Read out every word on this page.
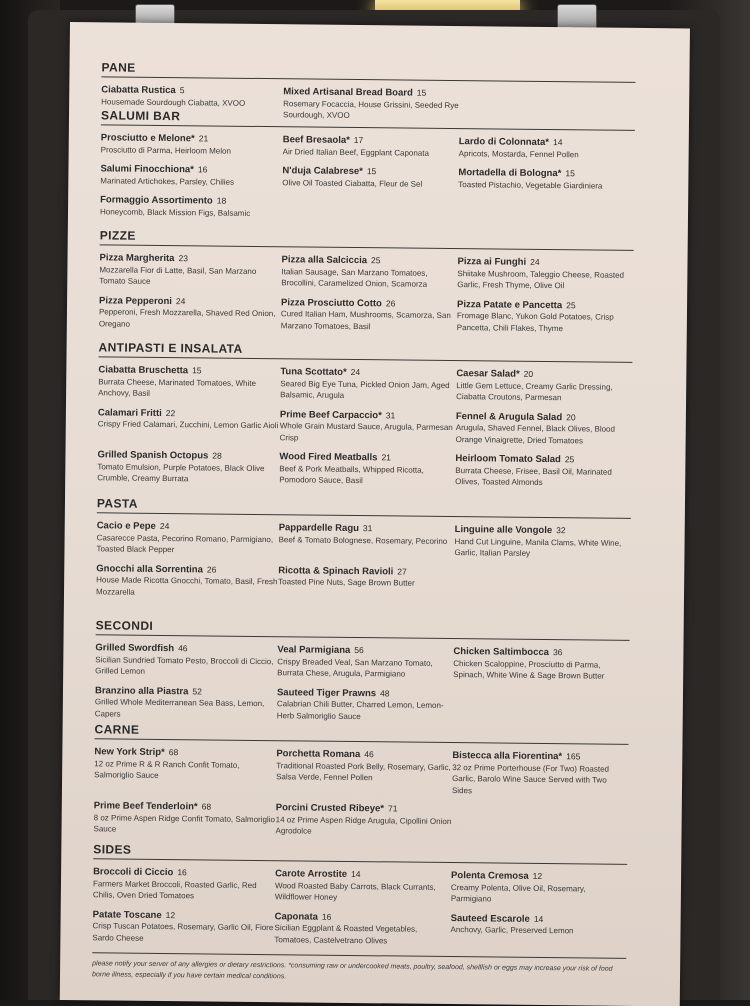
PANE
Ciabatta Rustica 5
Housemade Sourdough Ciabatta, XVOO
Mixed Artisanal Bread Board 15
Rosemary Focaccia, House Grissini, Seeded Rye Sourdough, XVOO
SALUMI BAR
Prosciutto e Melone* 21
Prosciutto di Parma, Heirloom Melon
Beef Bresaola* 17
Air Dried Italian Beef, Eggplant Caponata
Lardo di Colonnata* 14
Apricots, Mostarda, Fennel Pollen
Salumi Finocchiona* 16
Marinated Artichokes, Parsley, Chilies
N'duja Calabrese* 15
Olive Oil Toasted Ciabatta, Fleur de Sel
Mortadella di Bologna* 15
Toasted Pistachio, Vegetable Giardiniera
Formaggio Assortimento 18
Honeycomb, Black Mission Figs, Balsamic
PIZZE
Pizza Margherita 23
Mozzarella Fior di Latte, Basil, San Marzano Tomato Sauce
Pizza alla Salciccia 25
Italian Sausage, San Marzano Tomatoes, Brocollini, Caramelized Onion, Scamorza
Pizza ai Funghi 24
Shiitake Mushroom, Taleggio Cheese, Roasted Garlic, Fresh Thyme, Olive Oil
Pizza Pepperoni 24
Pepperoni, Fresh Mozzarella, Shaved Red Onion, Oregano
Pizza Prosciutto Cotto 26
Cured Italian Ham, Mushrooms, Scamorza, San Marzano Tomatoes, Basil
Pizza Patate e Pancetta 25
Fromage Blanc, Yukon Gold Potatoes, Crisp Pancetta, Chili Flakes, Thyme
ANTIPASTI E INSALATA
Ciabatta Bruschetta 15
Burrata Cheese, Marinated Tomatoes, White Anchovy, Basil
Tuna Scottato* 24
Seared Big Eye Tuna, Pickled Onion Jam, Aged Balsamic, Arugula
Caesar Salad* 20
Little Gem Lettuce, Creamy Garlic Dressing, Ciabatta Croutons, Parmesan
Calamari Fritti 22
Crispy Fried Calamari, Zucchini, Lemon Garlic Aioli
Prime Beef Carpaccio* 31
Whole Grain Mustard Sauce, Arugula, Parmesan Crisp
Fennel & Arugula Salad 20
Arugula, Shaved Fennel, Black Olives, Blood Orange Vinaigrette, Dried Tomatoes
Grilled Spanish Octopus 28
Tomato Emulsion, Purple Potatoes, Black Olive Crumble, Creamy Burrata
Wood Fired Meatballs 21
Beef & Pork Meatballs, Whipped Ricotta, Pomodoro Sauce, Basil
Heirloom Tomato Salad 25
Burrata Cheese, Frisee, Basil Oil, Marinated Olives, Toasted Almonds
PASTA
Cacio e Pepe 24
Casarecce Pasta, Pecorino Romano, Parmigiano, Toasted Black Pepper
Pappardelle Ragu 31
Beef & Tomato Bolognese, Rosemary, Pecorino
Linguine alle Vongole 32
Hand Cut Linguine, Manila Clams, White Wine, Garlic, Italian Parsley
Gnocchi alla Sorrentina 26
House Made Ricotta Gnocchi, Tomato, Basil, Fresh Mozzarella
Ricotta & Spinach Ravioli 27
Toasted Pine Nuts, Sage Brown Butter
SECONDI
Grilled Swordfish 46
Sicilian Sundried Tomato Pesto, Broccoli di Ciccio, Grilled Lemon
Veal Parmigiana 56
Crispy Breaded Veal, San Marzano Tomato, Burrata Chese, Arugula, Parmigiano
Chicken Saltimbocca 36
Chicken Scaloppine, Prosciutto di Parma, Spinach, White Wine & Sage Brown Butter
Branzino alla Piastra 52
Grilled Whole Mediterranean Sea Bass, Lemon, Capers
Sauteed Tiger Prawns 48
Calabrian Chili Butter, Charred Lemon, Lemon-Herb Salmoriglio Sauce
CARNE
New York Strip* 68
12 oz Prime R & R Ranch Confit Tomato, Salmoriglio Sauce
Porchetta Romana 46
Traditional Roasted Pork Belly, Rosemary, Garlic, Salsa Verde, Fennel Pollen
Bistecca alla Fiorentina* 165
32 oz Prime Porterhouse (For Two) Roasted Garlic, Barolo Wine Sauce Served with Two Sides
Prime Beef Tenderloin* 68
8 oz Prime Aspen Ridge Confit Tomato, Salmoriglio Sauce
Porcini Crusted Ribeye* 71
14 oz Prime Aspen Ridge Arugula, Cipollini Onion Agrodolce
SIDES
Broccoli di Ciccio 16
Farmers Market Broccoli, Roasted Garlic, Red Chilis, Oven Dried Tomatoes
Carote Arrostite 14
Wood Roasted Baby Carrots, Black Currants, Wildflower Honey
Polenta Cremosa 12
Creamy Polenta, Olive Oil, Rosemary, Parmigiano
Patate Toscane 12
Crisp Tuscan Potatoes, Rosemary, Garlic Oil, Fiore Sardo Cheese
Caponata 16
Sicilian Eggplant & Roasted Vegetables, Tomatoes, Castelvetrano Olives
Sauteed Escarole 14
Anchovy, Garlic, Preserved Lemon
please notify your server of any allergies or dietary restrictions. *consuming raw or undercooked meats, poultry, seafood, shellfish or eggs may increase your risk of food borne illness, especially if you have certain medical conditions.
